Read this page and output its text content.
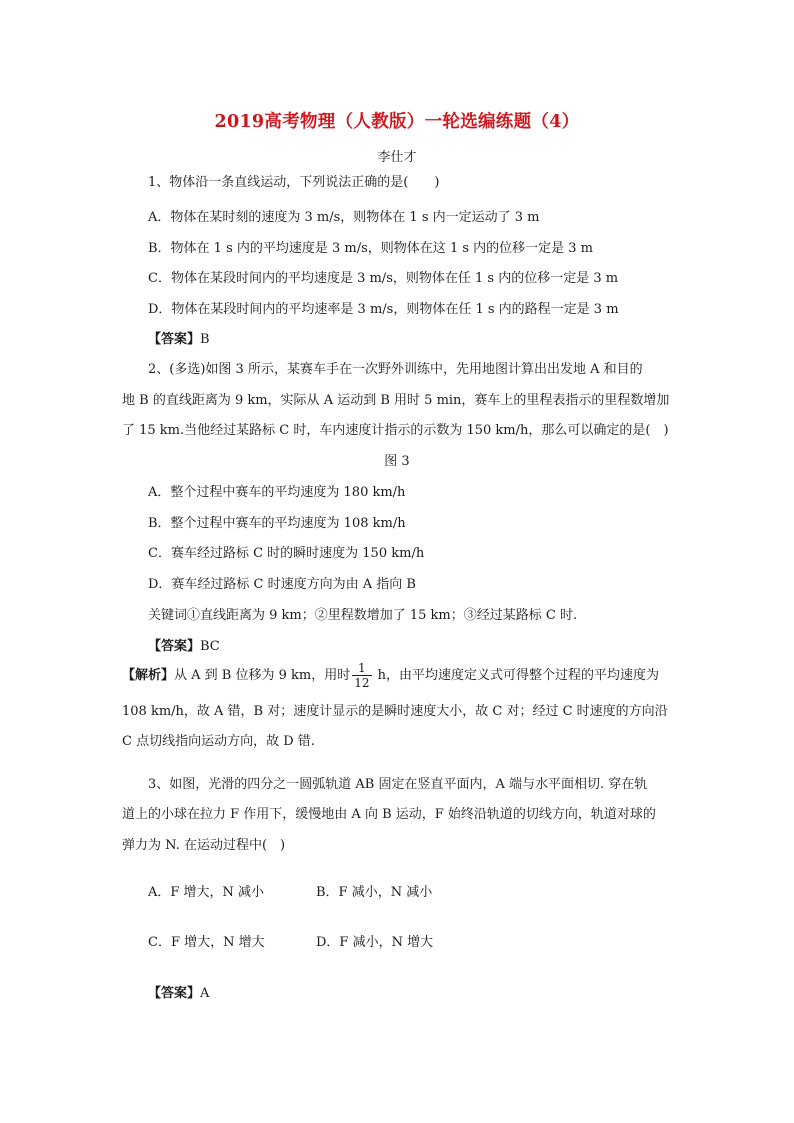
2019高考物理（人教版）一轮选编练题（4）
李仕才
1、物体沿一条直线运动，下列说法正确的是(　　)
A．物体在某时刻的速度为 3 m/s，则物体在 1 s 内一定运动了 3 m
B．物体在 1 s 内的平均速度是 3 m/s，则物体在这 1 s 内的位移一定是 3 m
C．物体在某段时间内的平均速度是 3 m/s，则物体在任 1 s 内的位移一定是 3 m
D．物体在某段时间内的平均速率是 3 m/s，则物体在任 1 s 内的路程一定是 3 m
【答案】B
2、(多选)如图 3 所示，某赛车手在一次野外训练中，先用地图计算出出发地 A 和目的
地 B 的直线距离为 9 km，实际从 A 运动到 B 用时 5 min，赛车上的里程表指示的里程数增加
了 15 km.当他经过某路标 C 时，车内速度计指示的示数为 150 km/h，那么可以确定的是(　)
图 3
A．整个过程中赛车的平均速度为 180 km/h
B．整个过程中赛车的平均速度为 108 km/h
C．赛车经过路标 C 时的瞬时速度为 150 km/h
D．赛车经过路标 C 时速度方向为由 A 指向 B
关键词①直线距离为 9 km；②里程数增加了 15 km；③经过某路标 C 时.
【答案】BC
【解析】从 A 到 B 位移为 9 km，用时 $\frac{1}{12}$ h，由平均速度定义式可得整个过程的平均速度为
108 km/h，故 A 错，B 对；速度计显示的是瞬时速度大小，故 C 对；经过 C 时速度的方向沿
C 点切线指向运动方向，故 D 错.
3、如图，光滑的四分之一圆弧轨道 AB 固定在竖直平面内，A 端与水平面相切. 穿在轨
道上的小球在拉力 F 作用下，缓慢地由 A 向 B 运动，F 始终沿轨道的切线方向，轨道对球的
弹力为 N. 在运动过程中(　)
A．F 增大，N 减小	B．F 减小，N 减小
C．F 增大，N 增大	D．F 减小，N 增大
【答案】A
